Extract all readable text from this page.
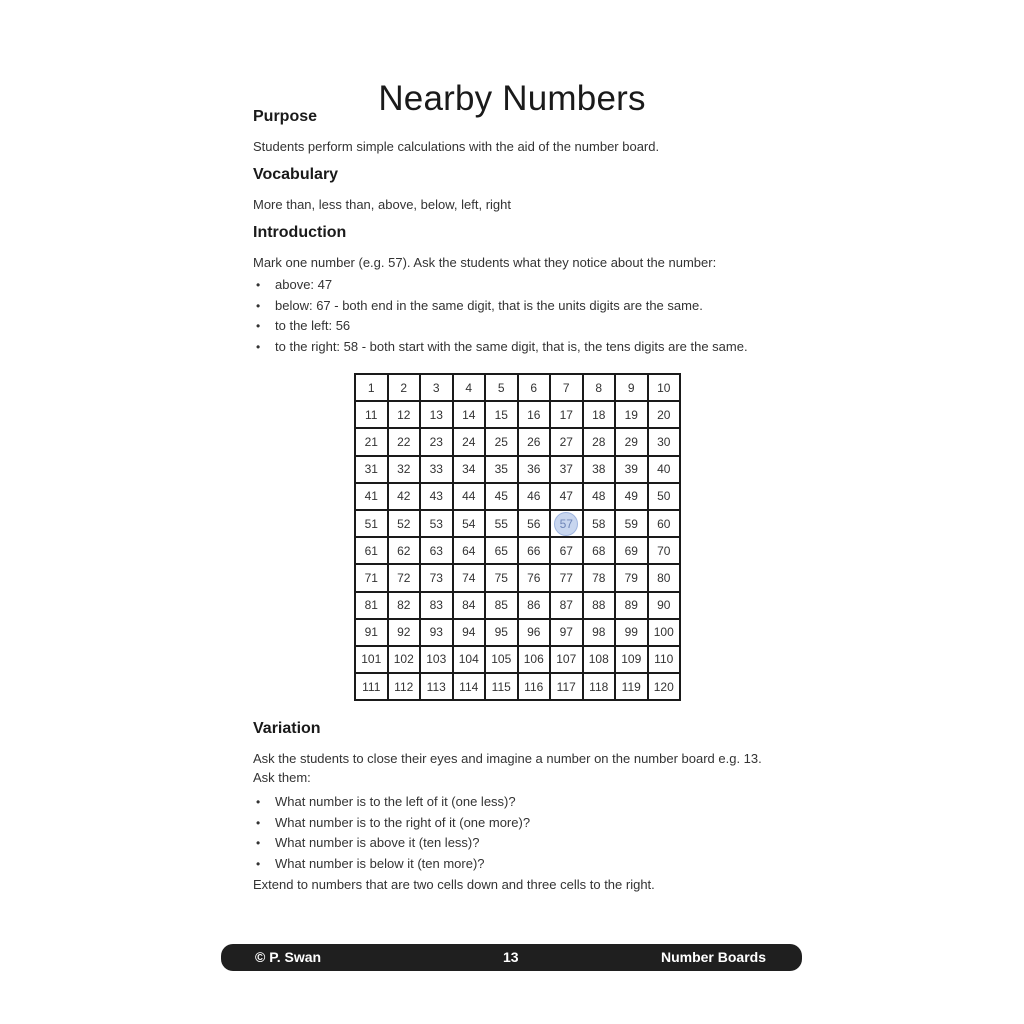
Nearby Numbers
Purpose
Students perform simple calculations with the aid of the number board.
Vocabulary
More than, less than, above, below, left, right
Introduction
Mark one number (e.g. 57). Ask the students what they notice about the number:
• above: 47
• below: 67 - both end in the same digit, that is the units digits are the same.
• to the left: 56
• to the right: 58 - both start with the same digit, that is, the tens digits are the same.
1	2	3	4	5	6	7	8	9	10
11	12	13	14	15	16	17	18	19	20
21	22	23	24	25	26	27	28	29	30
31	32	33	34	35	36	37	38	39	40
41	42	43	44	45	46	47	48	49	50
51	52	53	54	55	56	57	58	59	60
61	62	63	64	65	66	67	68	69	70
71	72	73	74	75	76	77	78	79	80
81	82	83	84	85	86	87	88	89	90
91	92	93	94	95	96	97	98	99	100
101	102	103	104	105	106	107	108	109	110
111	112	113	114	115	116	117	118	119	120
Variation
Ask the students to close their eyes and imagine a number on the number board e.g. 13.
Ask them:
• What number is to the left of it (one less)?
• What number is to the right of it (one more)?
• What number is above it (ten less)?
• What number is below it (ten more)?
Extend to numbers that are two cells down and three cells to the right.
© P. Swan	13	Number Boards
